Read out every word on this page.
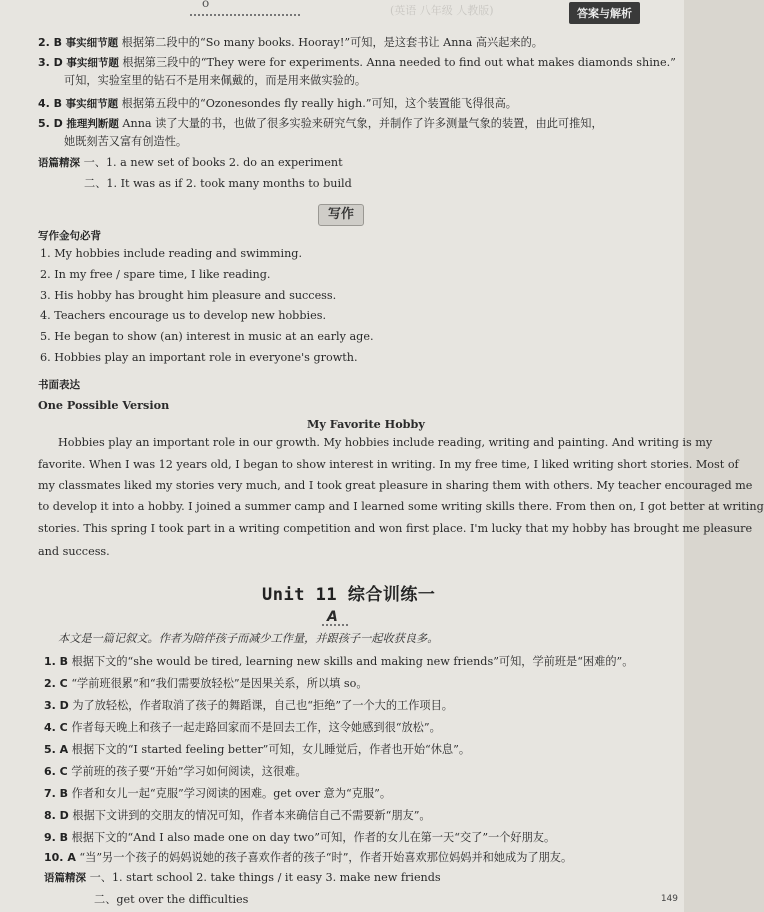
o
(英语 八年级 人教版)	答案与解析
2. B 事实细节题 根据第二段中的“So many books. Hooray!”可知，是这套书让 Anna 高兴起来的。
3. D 事实细节题 根据第三段中的“They were for experiments. Anna needed to find out what makes diamonds shine.”
可知，实验室里的钻石不是用来佩戴的，而是用来做实验的。
4. B 事实细节题 根据第五段中的“Ozonesondes fly really high.”可知，这个装置能飞得很高。
5. D 推理判断题 Anna 读了大量的书，也做了很多实验来研究气象，并制作了许多测量气象的装置，由此可推知，
她既刻苦又富有创造性。
语篇精深 一、1. a new set of books 2. do an experiment
二、1. It was as if 2. took many months to build
写作
写作金句必背
1. My hobbies include reading and swimming.
2. In my free / spare time, I like reading.
3. His hobby has brought him pleasure and success.
4. Teachers encourage us to develop new hobbies.
5. He began to show (an) interest in music at an early age.
6. Hobbies play an important role in everyone's growth.
书面表达
One Possible Version
My Favorite Hobby
Hobbies play an important role in our growth. My hobbies include reading, writing and painting. And writing is my
favorite. When I was 12 years old, I began to show interest in writing. In my free time, I liked writing short stories. Most of
my classmates liked my stories very much, and I took great pleasure in sharing them with others. My teacher encouraged me
to develop it into a hobby. I joined a summer camp and I learned some writing skills there. From then on, I got better at writing
stories. This spring I took part in a writing competition and won first place. I'm lucky that my hobby has brought me pleasure
and success.
Unit 11 综合训练一
A
本文是一篇记叙文。作者为陪伴孩子而减少工作量，并跟孩子一起收获良多。
1. B 根据下文的“she would be tired, learning new skills and making new friends”可知，学前班是“困难的”。
2. C “学前班很累”和“我们需要放轻松”是因果关系，所以填 so。
3. D 为了放轻松，作者取消了孩子的舞蹈课，自己也“拒绝”了一个大的工作项目。
4. C 作者每天晚上和孩子一起走路回家而不是回去工作，这令她感到很“放松”。
5. A 根据下文的“I started feeling better”可知，女儿睡觉后，作者也开始“休息”。
6. C 学前班的孩子要“开始”学习如何阅读，这很难。
7. B 作者和女儿一起“克服”学习阅读的困难。get over 意为“克服”。
8. D 根据下文讲到的交朋友的情况可知，作者本来确信自己不需要新“朋友”。
9. B 根据下文的“And I also made one on day two”可知，作者的女儿在第一天“交了”一个好朋友。
10. A “当”另一个孩子的妈妈说她的孩子喜欢作者的孩子“时”，作者开始喜欢那位妈妈并和她成为了朋友。
语篇精深 一、1. start school 2. take things / it easy 3. make new friends
二、get over the difficulties	149
